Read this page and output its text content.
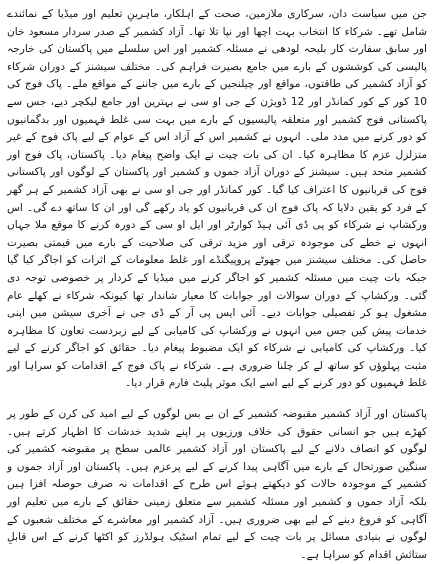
جن میں سیاست دان، سرکاری ملازمین، صحت کے اہلکار، ماہرینِ تعلیم اور میڈیا کے نمائندے شامل تھے۔ شرکاء کا انتخاب بہت اچھا اور نپا تلا تھا۔ آزاد کشمیر کے صدر سردار مسعود خان اور سابق سفارت کار بلیحہ لودھی نے مسئلہ کشمیر اور اس سلسلے میں پاکستان کی خارجہ پالیسی کی کوششوں کے بارے میں جامع بصیرت فراہم کی۔ مختلف سیشنز کے دوران شرکاء کو آزاد کشمیر کی طاقتوں، مواقع اور چیلنجیں کے بارے میں جاننے کے مواقع ملے۔ پاک فوج کی 10 کور کے کور کمانڈر اور 12 ڈویژن کے جی او سی نے بہترین اور جامع لیکچر دیے، جس سے پاکستانی فوج کشمیر اور متعلقہ پالیسیوں کے بارے میں بہت سی غلط فہمیوں اور بدگمانیوں کو دور کرنے میں مدد ملی۔ انہوں نے کشمیر اس کے آزاد اس کے عوام کے لیے پاک فوج کے غیر متزلزل عزم کا مظاہرہ کیا۔ ان کی بات چیت نے ایک واضح پیغام دیا۔ پاکستان، پاک فوج اور کشمیر متحد ہیں۔ سیشنز کے دوران آزاد جموں و کشمیر اور پاکستان کے لوگوں اور پاکستانی فوج کی قربانیوں کا اعتراف کیا گیا۔ کور کمانڈر اور جی او سی نے بھی آزاد کشمیر کے ہر گھر کے فرد کو یقین دلایا کہ پاک فوج ان کی قربانیوں کو یاد رکھے گی اور ان کا ساتھ دے گی۔ اس ورکشاپ نے شرکاء کو پی ڈی آئی ہیڈ کوارٹر اور ایل او سی کے دورہ کرنے کا موقع ملا جہاں انہوں نے خطے کی موجودہ ترقی اور مزید ترقی کی صلاحیت کے بارے میں قیمتی بصیرت حاصل کی۔ مختلف سیشنز میں جھوٹے پروپیگنڈے اور غلط معلومات کے اثرات کو اجاگر کیا گیا جبکہ بات چیت میں مسئلہ کشمیر کو اجاگر کرنے میں میڈیا کے کردار پر خصوصی توجہ دی گئی۔ ورکشاپ کے دوران سوالات اور جوابات کا معیار شاندار تھا کیونکہ شرکاء نے کھلے عام مشغول ہو کر تفصیلی جوابات دیے۔ آئی ایس پی آر کے ڈی جی نے آخری سیشن میں اپنی خدمات پیش کیں جس میں انہوں نے ورکشاپ کی کامیابی کے لیے زبردست تعاون کا مظاہرہ کیا۔ ورکشاپ کی کامیابی نے شرکاء کو ایک مضبوط پیغام دیا۔ حقائق کو اجاگر کرنے کے لیے مثبت پہلوؤں کو ساتھ لے کر چلنا ضروری ہے۔ شرکاء نے پاک فوج کے اقدامات کو سراہا اور غلط فہمیوں کو دور کرنے کے لیے اسے ایک موثر پلیٹ فارم قرار دیا۔

پاکستان اور آزاد کشمیر مقبوضہ کشمیر کے ان بے بس لوگوں کے لیے امید کی کرن کے طور پر کھڑے ہیں جو انسانی حقوق کی خلاف ورزیوں پر اپنے شدید خدشات کا اظہار کرتے ہیں۔ لوگوں کو انصاف دلانے کے لیے پاکستان اور آزاد کشمیر عالمی سطح پر مقبوضہ کشمیر کی سنگین صورتحال کے بارے میں آگاہی پیدا کرنے کے لیے پرعزم ہیں۔ پاکستان اور آزاد جموں و کشمیر کے موجودہ حالات کو دیکھتے ہوئے اس طرح کے اقدامات نہ صرف حوصلہ افزا ہیں بلکہ آزاد جموں و کشمیر اور مسئلہ کشمیر سے متعلق زمینی حقائق کے بارے میں تعلیم اور آگاہی کو فروغ دینے کے لیے بھی ضروری ہیں۔ آزاد کشمیر اور معاشرے کے مختلف شعبوں کے لوگوں نے بنیادی مسائل پر بات چیت کے لیے تمام اسٹیک ہولڈرز کو اکٹھا کرنے کے اس قابلِ ستائش اقدام کو سراہا ہے۔
